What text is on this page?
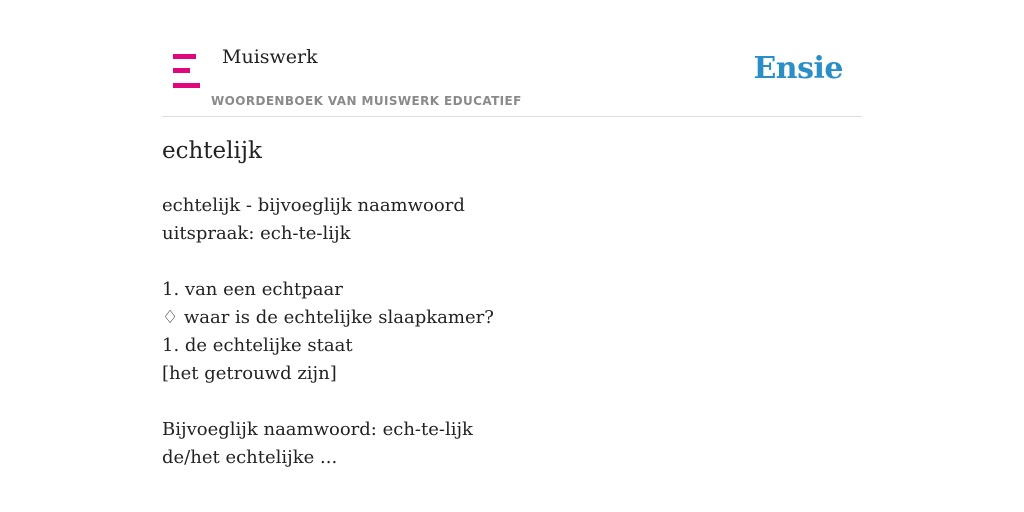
Muiswerk
WOORDENBOEK VAN MUISWERK EDUCATIEF
Ensie
echtelijk
echtelijk - bijvoeglijk naamwoord
uitspraak: ech-te-lijk
1. van een echtpaar
♢ waar is de echtelijke slaapkamer?
1. de echtelijke staat
[het getrouwd zijn]
Bijvoeglijk naamwoord: ech-te-lijk
de/het echtelijke ...
